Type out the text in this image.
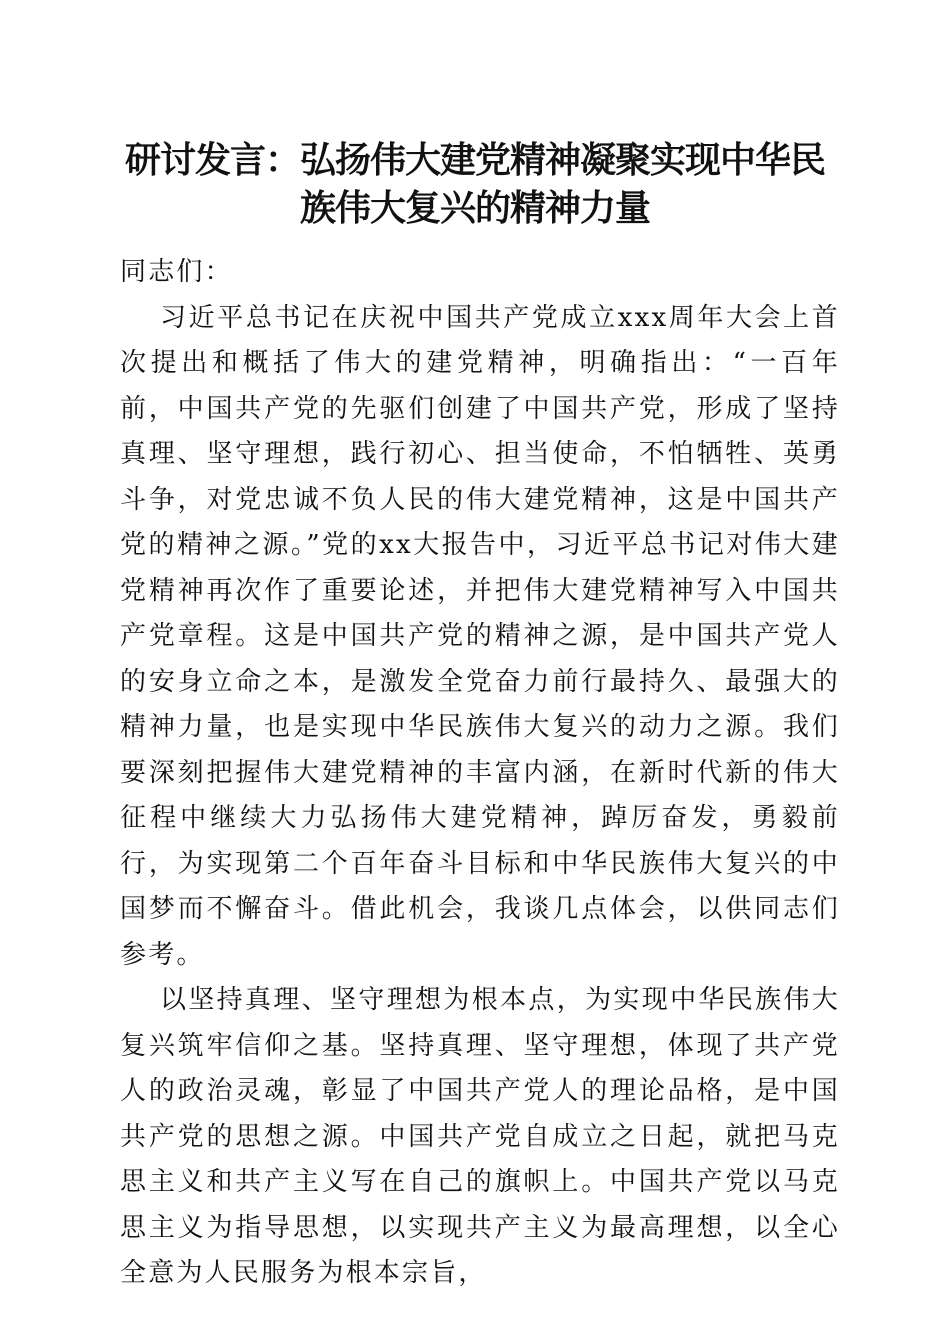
研讨发言：弘扬伟大建党精神凝聚实现中华民
族伟大复兴的精神力量

同志们：

习近平总书记在庆祝中国共产党成立xxx周年大会上首次提出和概括了伟大的建党精神，明确指出：“一百年前，中国共产党的先驱们创建了中国共产党，形成了坚持真理、坚守理想，践行初心、担当使命，不怕牺牲、英勇斗争，对党忠诚不负人民的伟大建党精神，这是中国共产党的精神之源。”党的xx大报告中，习近平总书记对伟大建党精神再次作了重要论述，并把伟大建党精神写入中国共产党章程。这是中国共产党的精神之源，是中国共产党人的安身立命之本，是激发全党奋力前行最持久、最强大的精神力量，也是实现中华民族伟大复兴的动力之源。我们要深刻把握伟大建党精神的丰富内涵，在新时代新的伟大征程中继续大力弘扬伟大建党精神，踔厉奋发，勇毅前行，为实现第二个百年奋斗目标和中华民族伟大复兴的中国梦而不懈奋斗。借此机会，我谈几点体会，以供同志们参考。

以坚持真理、坚守理想为根本点，为实现中华民族伟大复兴筑牢信仰之基。坚持真理、坚守理想，体现了共产党人的政治灵魂，彰显了中国共产党人的理论品格，是中国共产党的思想之源。中国共产党自成立之日起，就把马克思主义和共产主义写在自己的旗帜上。中国共产党以马克思主义为指导思想，以实现共产主义为最高理想，以全心全意为人民服务为根本宗旨，
